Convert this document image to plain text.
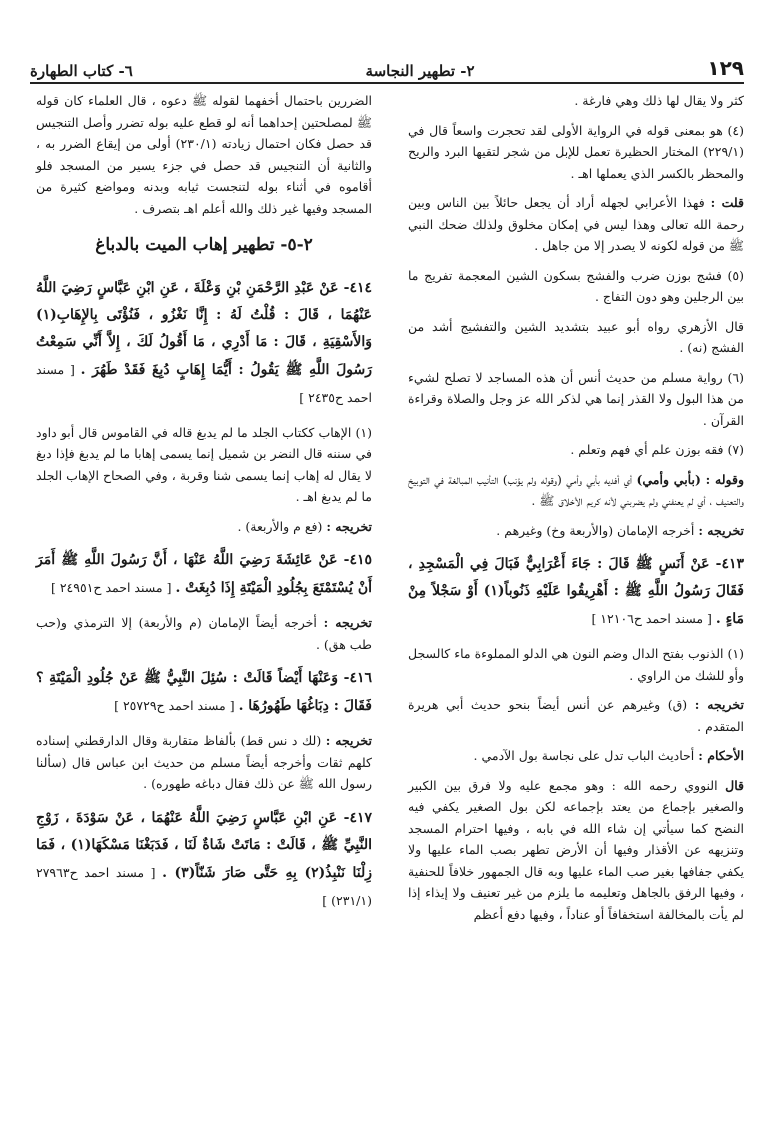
١٢٩
٢- تطهير النجاسة
٦- كتاب الطهارة

كثر ولا يقال لها ذلك وهي فارغة .

(٤) هو بمعنى قوله في الرواية الأولى لقد تحجرت واسعاً قال في (٢٢٩/١) المختار الحظيرة تعمل للإبل من شجر لتقيها البرد والريح والمحظر بالكسر الذي يعملها اهـ .

قلت : فهذا الأعرابي لجهله أراد أن يجعل حائلاً بين الناس وبين رحمة الله تعالى وهذا ليس في إمكان مخلوق ولذلك ضحك النبي ﷺ من قوله لكونه لا يصدر إلا من جاهل .

(٥) فشج بوزن ضرب والفشج بسكون الشين المعجمة تفريج ما بين الرجلين وهو دون التفاج .

قال الأزهري رواه أبو عبيد بتشديد الشين والتفشيج أشد من الفشج (نه) .

(٦) رواية مسلم من حديث أنس أن هذه المساجد لا تصلح لشيء من هذا البول ولا القذر إنما هي لذكر الله عز وجل والصلاة وقراءة القرآن .

(٧) فقه بوزن علم أي فهم وتعلم .

وقوله : (بأبي وأمي) أي أفديه بأبي وأمي (وقوله ولم يؤنب) التأنيب المبالغة في التوبيخ والتعنيف ، أي لم يعنفني ولم يضربني لأنه كريم الأخلاق ﷺ .

تخريجه : أخرجه الإمامان (والأربعة وخ) وغيرهم .

٤١٣- عَنْ أَنَسٍ ﷺ قَالَ : جَاءَ أَعْرَابِيٌّ فَبَالَ فِي الْمَسْجِدِ ، فَقَالَ رَسُولُ اللَّهِ ﷺ : أَهْرِيقُوا عَلَيْهِ ذَنُوباً(١) أَوْ سَجْلاً مِنْ مَاءٍ . [ مسند احمد ح١٢١٠٦ ]

(١) الذنوب بفتح الدال وضم النون هي الدلو المملوءة ماء كالسجل وأو للشك من الراوي .

تخريجه : (ق) وغيرهم عن أنس أيضاً بنحو حديث أبي هريرة المتقدم .

الأحكام : أحاديث الباب تدل على نجاسة بول الآدمي .

قال النووي رحمه الله : وهو مجمع عليه ولا فرق بين الكبير والصغير بإجماع من يعتد بإجماعه لكن بول الصغير يكفي فيه النضح كما سيأتي إن شاء الله في بابه ، وفيها احترام المسجد وتنزيهه عن الأقذار وفيها أن الأرض تطهر بصب الماء عليها ولا يكفي جفافها بغير صب الماء عليها وبه قال الجمهور خلافاً للحنفية ، وفيها الرفق بالجاهل وتعليمه ما يلزم من غير تعنيف ولا إيذاء إذا لم يأت بالمخالفة استخفافاً أو عناداً ، وفيها دفع أعظم

الضررين باحتمال أخفهما لقوله ﷺ دعوه ، قال العلماء كان قوله ﷺ لمصلحتين إحداهما أنه لو قطع عليه بوله تضرر وأصل التنجيس قد حصل فكان احتمال زيادته (٢٣٠/١) أولى من إيقاع الضرر به ، والثانية أن التنجيس قد حصل في جزء يسير من المسجد فلو أقاموه في أثناء بوله لتنجست ثيابه وبدنه ومواضع كثيرة من المسجد وفيها غير ذلك والله أعلم اهـ بتصرف .

٢-٥- تطهير إهاب الميت بالدباغ

٤١٤- عَنْ عَبْدِ الرَّحْمَنِ بْنِ وَعْلَةَ ، عَنِ ابْنِ عَبَّاسٍ رَضِيَ اللَّهُ عَنْهُمَا ، قَالَ : قُلْتُ لَهُ : إِنَّا نَغْزُو ، فَنُؤْتَى بِالإِهَابِ(١) وَالأَسْقِيَةِ ، قَالَ : مَا أَدْرِي ، مَا أَقُولُ لَكَ ، إِلاَّ أَنِّي سَمِعْتُ رَسُولَ اللَّهِ ﷺ يَقُولُ : أَيُّمَا إِهَابٍ دُبِغَ فَقَدْ طَهُرَ . [ مسند احمد ح٢٤٣٥ ]

(١) الإهاب ككتاب الجلد ما لم يدبغ قاله في القاموس قال أبو داود في سننه قال النضر بن شميل إنما يسمى إهابا ما لم يدبغ فإذا دبغ لا يقال له إهاب إنما يسمى شنا وقربة ، وفي الصحاح الإهاب الجلد ما لم يدبغ اهـ .

تخريجه : (فع م والأربعة) .

٤١٥- عَنْ عَائِشَةَ رَضِيَ اللَّهُ عَنْهَا ، أَنَّ رَسُولَ اللَّهِ ﷺ أَمَرَ أَنْ يُسْتَمْتَعَ بِجُلُودِ الْمَيْتَةِ إِذَا دُبِغَتْ . [ مسند احمد ح٢٤٩٥١ ]

تخريجه : أخرجه أيضاً الإمامان (م والأربعة) إلا الترمذي و(حب طب هق) .

٤١٦- وَعَنْهَا أَيْضاً قَالَتْ : سُئِلَ النَّبِيُّ ﷺ عَنْ جُلُودِ الْمَيْتَةِ ؟ فَقَالَ : دِبَاغُهَا طَهُورُهَا . [ مسند احمد ح٢٥٧٢٩ ]

تخريجه : (لك د نس قط) بألفاظ متقاربة وقال الدارقطني إسناده كلهم ثقات وأخرجه أيضاً مسلم من حديث ابن عباس قال (سألنا رسول الله ﷺ عن ذلك فقال دباغه طهوره) .

٤١٧- عَنِ ابْنِ عَبَّاسٍ رَضِيَ اللَّهُ عَنْهُمَا ، عَنْ سَوْدَةَ ، زَوْجِ النَّبِيِّ ﷺ ، قَالَتْ : مَاتَتْ شَاةٌ لَنَا ، فَدَبَغْنَا مَسْكَهَا(١) ، فَمَا زِلْنَا نَنْبِذُ(٢) بِهِ حَتَّى صَارَ شَنّاً(٣) . [ مسند احمد ح٢٧٩٦٣ (٢٣١/١) ]
